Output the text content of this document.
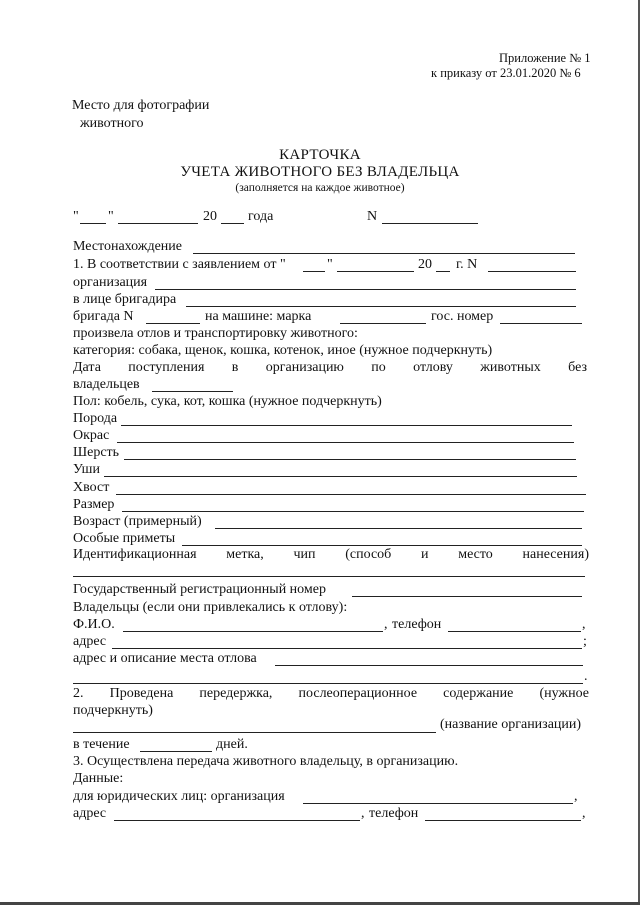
Приложение № 1
к приказу от 23.01.2020 № 6
Место для фотографии
животного
КАРТОЧКА
УЧЕТА ЖИВОТНОГО БЕЗ ВЛАДЕЛЬЦА
(заполняется на каждое животное)
" "	20 года	N
Местонахождение
1. В соответствии с заявлением от "	"	20 г. N
организация
в лице бригадира
бригада N	на машине: марка	гос. номер
произвела отлов и транспортировку животного:
категория: собака, щенок, кошка, котенок, иное (нужное подчеркнуть)
Дата поступления в организацию по отлову животных без
владельцев
Пол: кобель, сука, кот, кошка (нужное подчеркнуть)
Порода
Окрас
Шерсть
Уши
Хвост
Размер
Возраст (примерный)
Особые приметы
Идентификационная метка, чип (способ и место нанесения)
Государственный регистрационный номер
Владельцы (если они привлекались к отлову):
Ф.И.О.	, телефон	,
адрес	;
адрес и описание места отлова
.
2. Проведена передержка, послеоперационное содержание (нужное
подчеркнуть)
(название организации)
в течение	дней.
3. Осуществлена передача животного владельцу, в организацию.
Данные:
для юридических лиц: организация	,
адрес	, телефон	,
